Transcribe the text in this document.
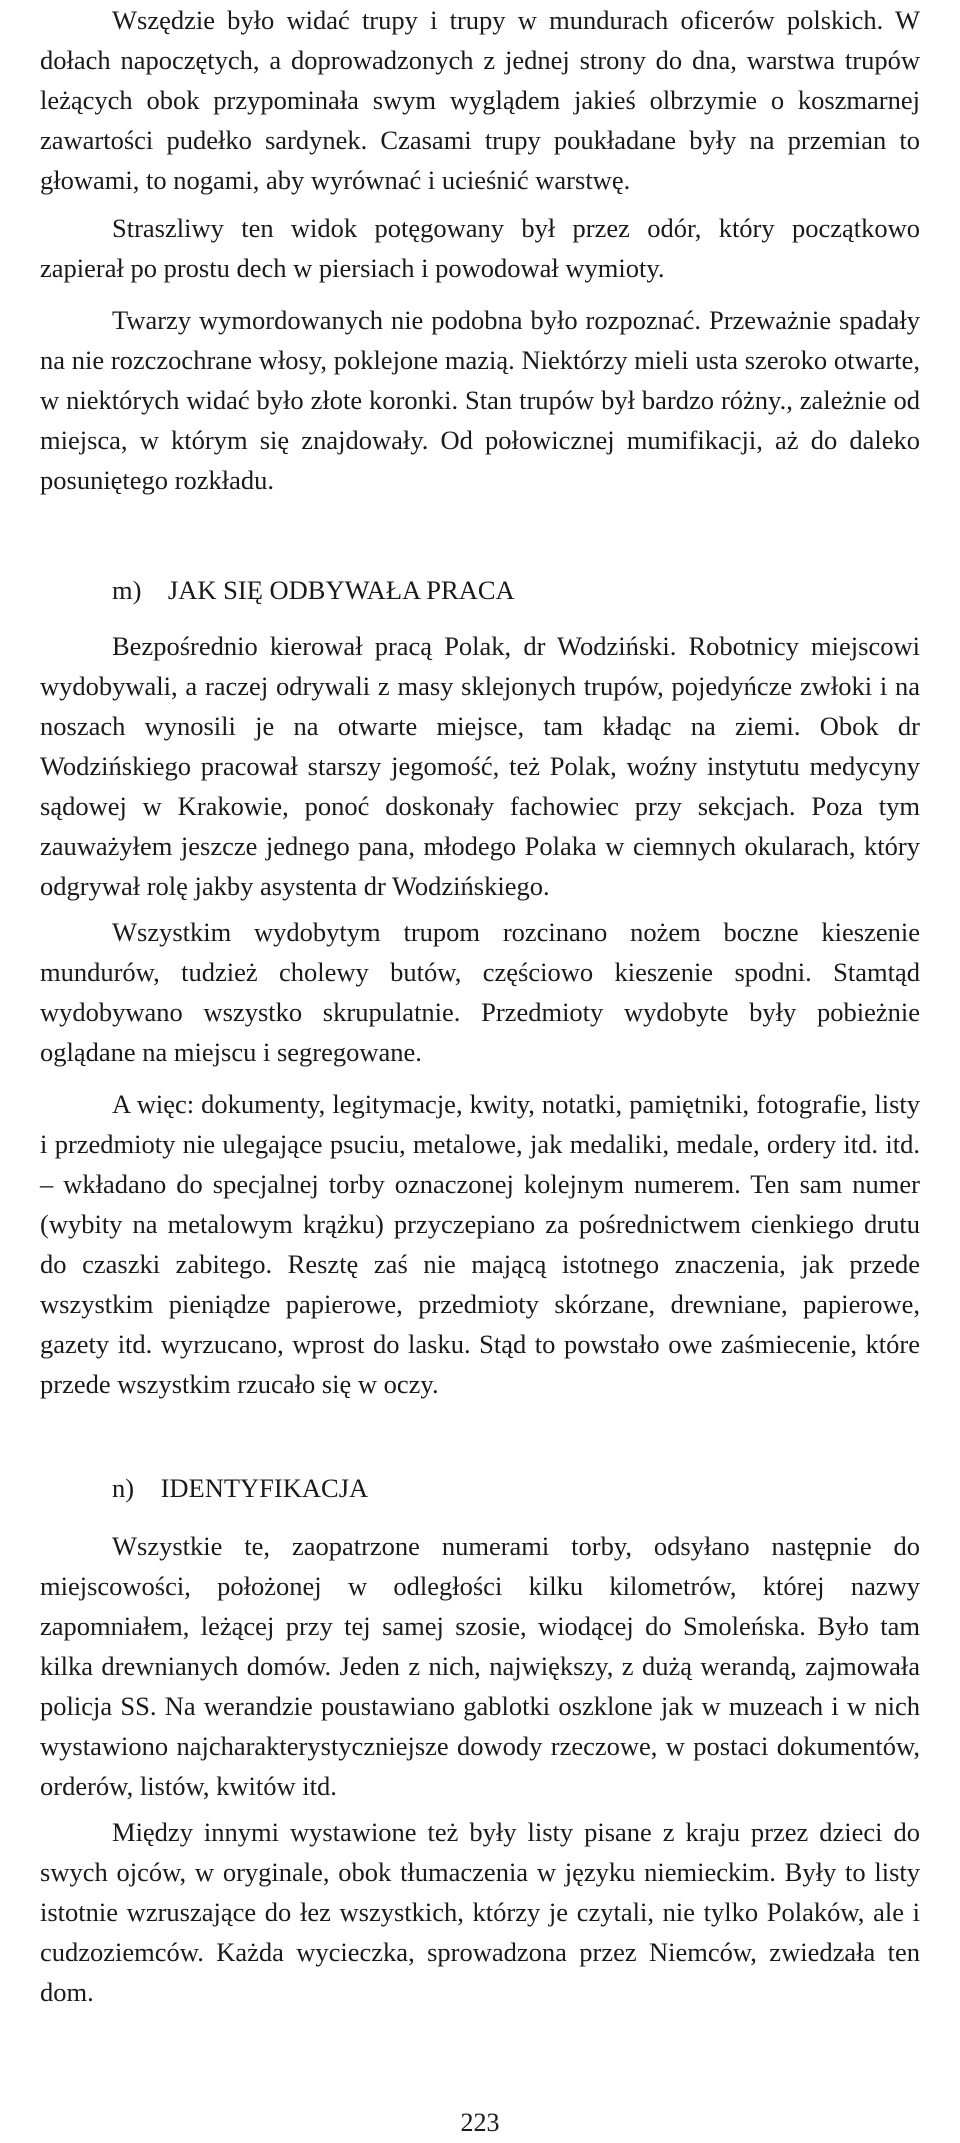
Wszędzie było widać trupy i trupy w mundurach oficerów polskich. W dołach napoczętych, a doprowadzonych z jednej strony do dna, warstwa trupów leżących obok przypominała swym wyglądem jakieś olbrzymie o koszmarnej zawartości pudełko sardynek. Czasami trupy poukładane były na przemian to głowami, to nogami, aby wyrównać i ucieśnić warstwę.

Straszliwy ten widok potęgowany był przez odór, który początkowo zapierał po prostu dech w piersiach i powodował wymioty.

Twarzy wymordowanych nie podobna było rozpoznać. Przeważnie spadały na nie rozczochrane włosy, poklejone mazią. Niektórzy mieli usta szeroko otwarte, w niektórych widać było złote koronki. Stan trupów był bardzo różny., zależnie od miejsca, w którym się znajdowały. Od połowicznej mumifikacji, aż do daleko posuniętego rozkładu.

m) JAK SIĘ ODBYWAŁA PRACA

Bezpośrednio kierował pracą Polak, dr Wodziński. Robotnicy miejscowi wydobywali, a raczej odrywali z masy sklejonych trupów, pojedyńcze zwłoki i na noszach wynosili je na otwarte miejsce, tam kładąc na ziemi. Obok dr Wodzińskiego pracował starszy jegomość, też Polak, woźny instytutu medycyny sądowej w Krakowie, ponoć doskonały fachowiec przy sekcjach. Poza tym zauważyłem jeszcze jednego pana, młodego Polaka w ciemnych okularach, który odgrywał rolę jakby asystenta dr Wodzińskiego.

Wszystkim wydobytym trupom rozcinano nożem boczne kieszenie mundurów, tudzież cholewy butów, częściowo kieszenie spodni. Stamtąd wydobywano wszystko skrupulatnie. Przedmioty wydobyte były pobieżnie oglądane na miejscu i segregowane.

A więc: dokumenty, legitymacje, kwity, notatki, pamiętniki, fotografie, listy i przedmioty nie ulegające psuciu, metalowe, jak medaliki, medale, ordery itd. itd. – wkładano do specjalnej torby oznaczonej kolejnym numerem. Ten sam numer (wybity na metalowym krążku) przyczepiano za pośrednictwem cienkiego drutu do czaszki zabitego. Resztę zaś nie mającą istotnego znaczenia, jak przede wszystkim pieniądze papierowe, przedmioty skórzane, drewniane, papierowe, gazety itd. wyrzucano, wprost do lasku. Stąd to powstało owe zaśmiecenie, które przede wszystkim rzucało się w oczy.

n) IDENTYFIKACJA

Wszystkie te, zaopatrzone numerami torby, odsyłano następnie do miejscowości, położonej w odległości kilku kilometrów, której nazwy zapomniałem, leżącej przy tej samej szosie, wiodącej do Smoleńska. Było tam kilka drewnianych domów. Jeden z nich, największy, z dużą werandą, zajmowała policja SS. Na werandzie poustawiano gablotki oszklone jak w muzeach i w nich wystawiono najcharakterystyczniejsze dowody rzeczowe, w postaci dokumentów, orderów, listów, kwitów itd.

Między innymi wystawione też były listy pisane z kraju przez dzieci do swych ojców, w oryginale, obok tłumaczenia w języku niemieckim. Były to listy istotnie wzruszające do łez wszystkich, którzy je czytali, nie tylko Polaków, ale i cudzoziemców. Każda wycieczka, sprowadzona przez Niemców, zwiedzała ten dom.

223
